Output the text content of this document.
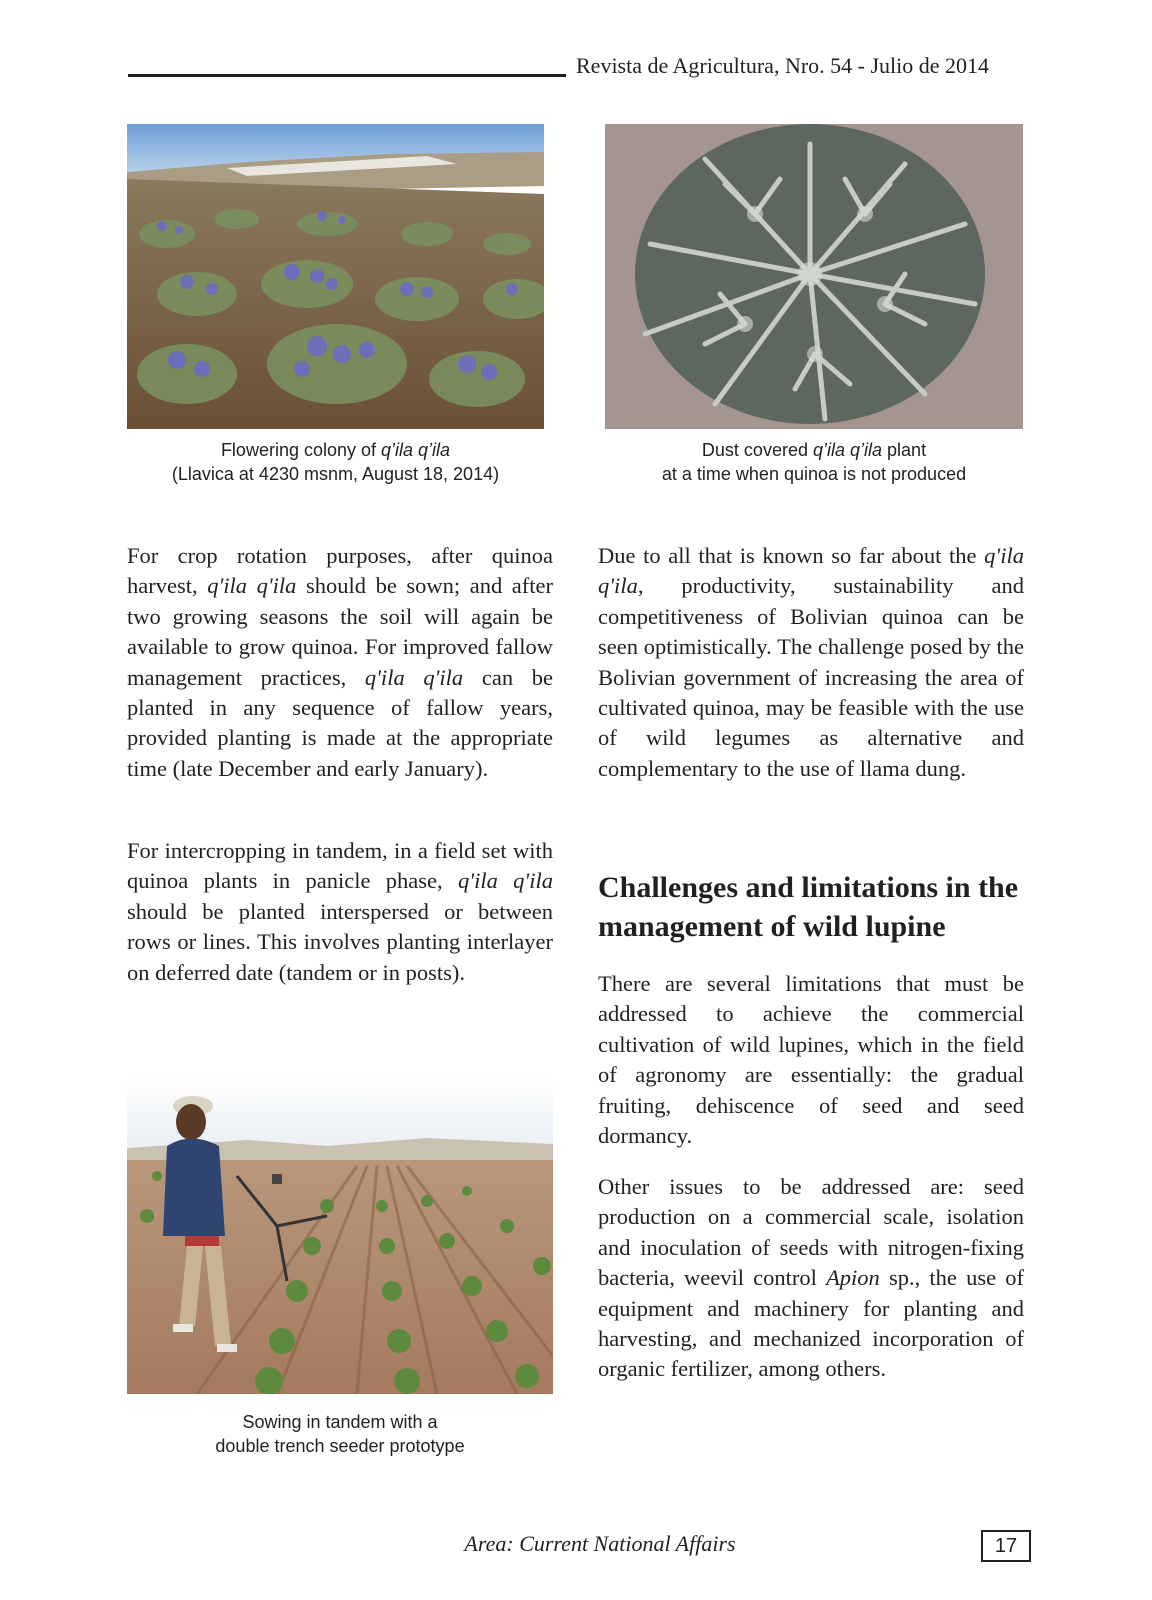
Revista de Agricultura, Nro. 54 - Julio de 2014
Flowering colony of q’ila q’ila
(Llavica at 4230 msnm, August 18, 2014)
Dust covered q’ila q’ila plant
at a time when quinoa is not produced

For crop rotation purposes, after quinoa harvest, q'ila q'ila should be sown; and after two growing seasons the soil will again be available to grow quinoa. For improved fallow management practices, q'ila q'ila can be planted in any sequence of fallow years, provided planting is made at the appropriate time (late December and early January).

For intercropping in tandem, in a field set with quinoa plants in panicle phase, q'ila q'ila should be planted interspersed or between rows or lines. This involves planting interlayer on deferred date (tandem or in posts).

Sowing in tandem with a
double trench seeder prototype

Due to all that is known so far about the q'ila q'ila, productivity, sustainability and competitiveness of Bolivian quinoa can be seen optimistically. The challenge posed by the Bolivian government of increasing the area of cultivated quinoa, may be feasible with the use of wild legumes as alternative and complementary to the use of llama dung.

Challenges and limitations in the management of wild lupine

There are several limitations that must be addressed to achieve the commercial cultivation of wild lupines, which in the field of agronomy are essentially: the gradual fruiting, dehiscence of seed and seed dormancy.

Other issues to be addressed are: seed production on a commercial scale, isolation and inoculation of seeds with nitrogen-fixing bacteria, weevil control Apion sp., the use of equipment and machinery for planting and harvesting, and mechanized incorporation of organic fertilizer, among others.

Area: Current National Affairs	17
